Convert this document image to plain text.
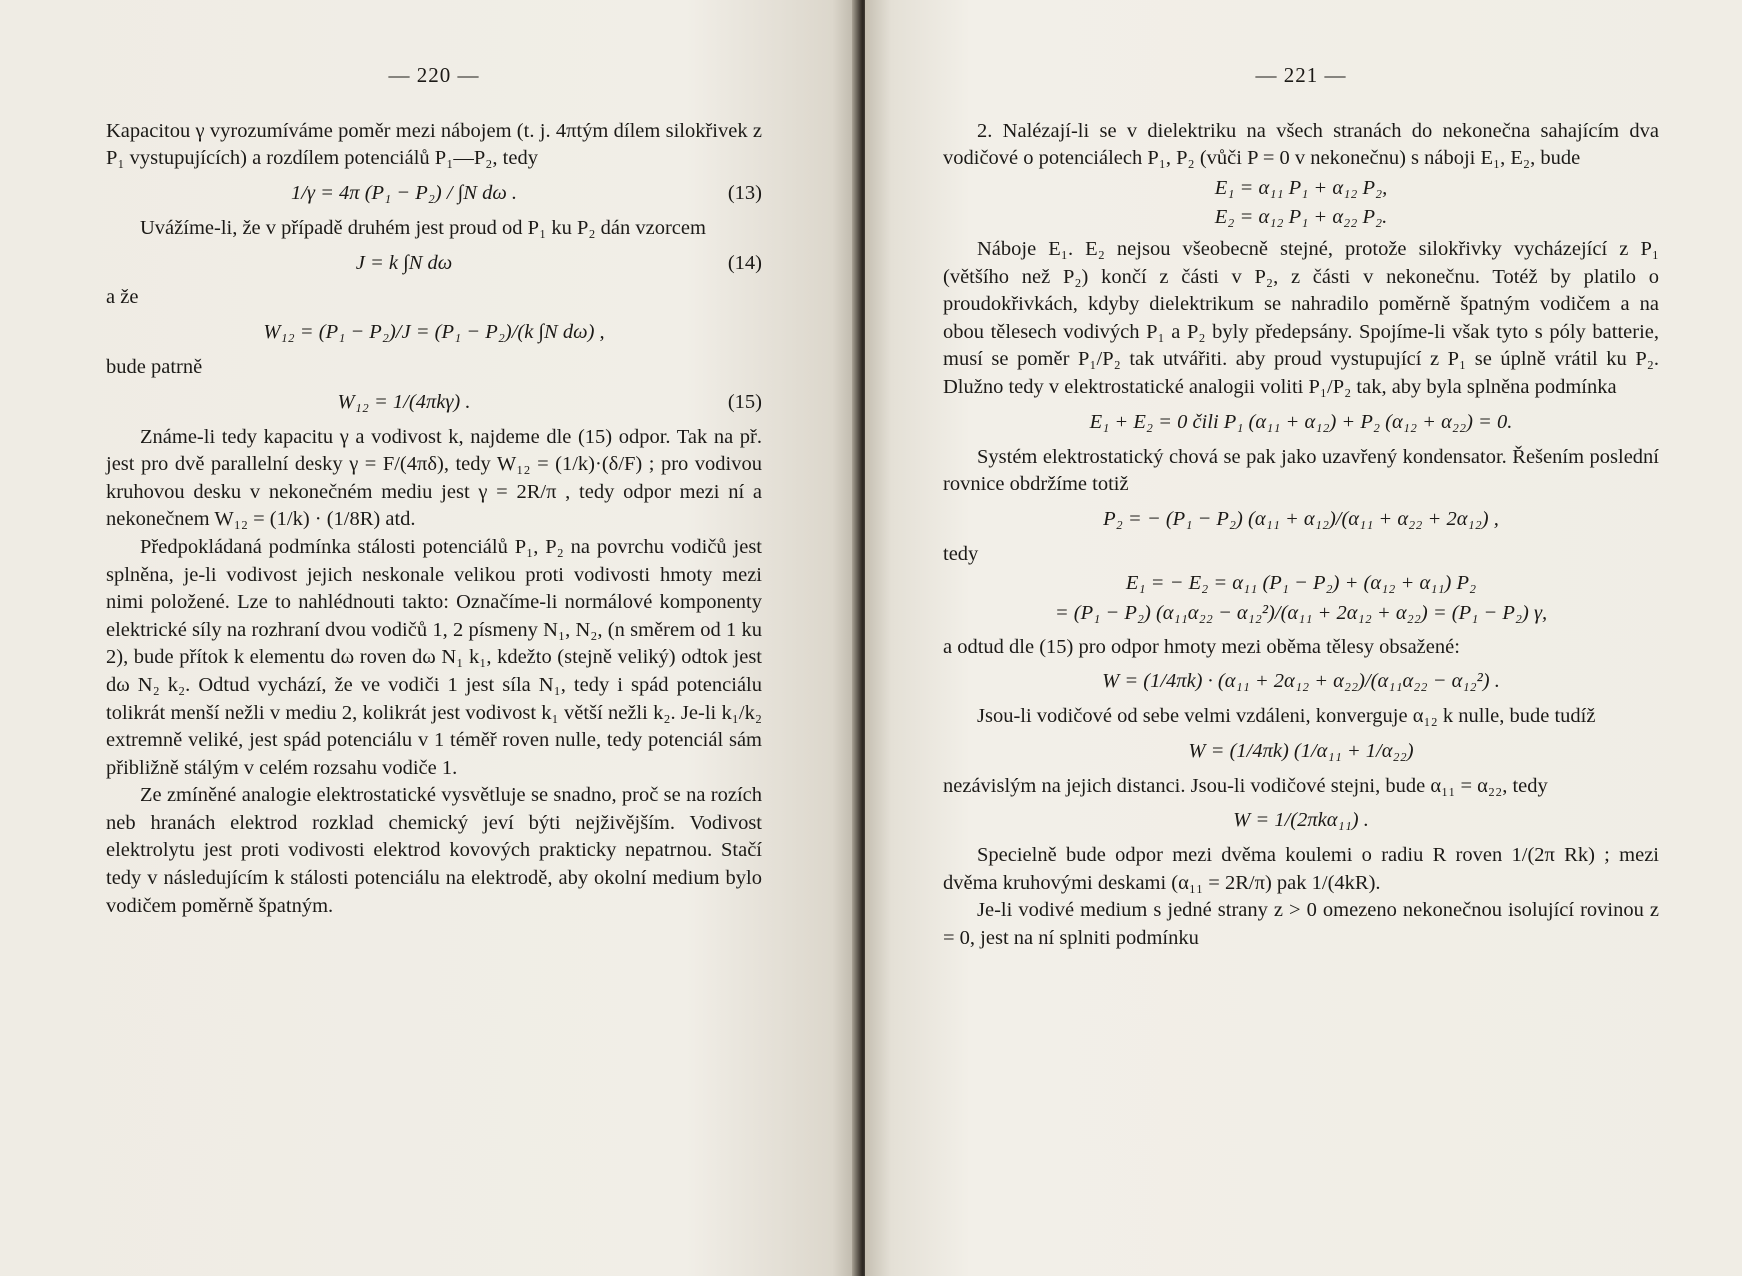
— 220 —

Kapacitou γ vyrozumíváme poměr mezi nábojem (t. j. 4πtým dílem silokřivek z P₁ vystupujících) a rozdílem potenciálů P₁—P₂, tedy

1/γ = 4π (P₁ − P₂) / ∫N dω .	(13)

Uvážíme-li, že v případě druhém jest proud od P₁ ku P₂ dán vzorcem

J = k ∫N dω	(14)

a že

W₁₂ = (P₁ − P₂)/J = (P₁ − P₂)/(k ∫N dω) ,

bude patrně

W₁₂ = 1/(4πkγ) .	(15)

Známe-li tedy kapacitu γ a vodivost k, najdeme dle (15) odpor. Tak na př. jest pro dvě parallelní desky γ = F/(4πδ), tedy W₁₂ = (1/k)·(δ/F) ; pro vodivou kruhovou desku v nekonečném mediu jest γ = 2R/π , tedy odpor mezi ní a nekonečnem W₁₂ = (1/k) · (1/8R) atd.

Předpokládaná podmínka stálosti potenciálů P₁, P₂ na povrchu vodičů jest splněna, je-li vodivost jejich neskonale velikou proti vodivosti hmoty mezi nimi položené. Lze to nahlédnouti takto: Označíme-li normálové komponenty elektrické síly na rozhraní dvou vodičů 1, 2 písmeny N₁, N₂, (n směrem od 1 ku 2), bude přítok k elementu dω roven dω N₁ k₁, kdežto (stejně veliký) odtok jest dω N₂ k₂. Odtud vychází, že ve vodiči 1 jest síla N₁, tedy i spád potenciálu tolikrát menší nežli v mediu 2, kolikrát jest vodivost k₁ větší nežli k₂. Je-li k₁/k₂ extremně veliké, jest spád potenciálu v 1 téměř roven nulle, tedy potenciál sám přibližně stálým v celém rozsahu vodiče 1.

Ze zmíněné analogie elektrostatické vysvětluje se snadno, proč se na rozích neb hranách elektrod rozklad chemický jeví býti nejživějším. Vodivost elektrolytu jest proti vodivosti elektrod kovových prakticky nepatrnou. Stačí tedy v následujícím k stálosti potenciálu na elektrodě, aby okolní medium bylo vodičem poměrně špatným.

— 221 —

2. Nalézají-li se v dielektriku na všech stranách do nekonečna sahajícím dva vodičové o potenciálech P₁, P₂ (vůči P = 0 v nekonečnu) s náboji E₁, E₂, bude

E₁ = α₁₁ P₁ + α₁₂ P₂,
E₂ = α₁₂ P₁ + α₂₂ P₂.

Náboje E₁. E₂ nejsou všeobecně stejné, protože silokřivky vycházející z P₁ (většího než P₂) končí z části v P₂, z části v nekonečnu. Totéž by platilo o proudokřivkách, kdyby dielektrikum se nahradilo poměrně špatným vodičem a na obou tělesech vodivých P₁ a P₂ byly předepsány. Spojíme-li však tyto s póly batterie, musí se poměr P₁/P₂ tak utvářiti. aby proud vystupující z P₁ se úplně vrátil ku P₂. Dlužno tedy v elektrostatické analogii voliti P₁/P₂ tak, aby byla splněna podmínka

E₁ + E₂ = 0 čili P₁ (α₁₁ + α₁₂) + P₂ (α₁₂ + α₂₂) = 0.

Systém elektrostatický chová se pak jako uzavřený kondensator. Řešením poslední rovnice obdržíme totiž

P₂ = − (P₁ − P₂) (α₁₁ + α₁₂)/(α₁₁ + α₂₂ + 2α₁₂) ,

tedy

E₁ = − E₂ = α₁₁ (P₁ − P₂) + (α₁₂ + α₁₁) P₂
= (P₁ − P₂) (α₁₁α₂₂ − α₁₂²)/(α₁₁ + 2α₁₂ + α₂₂) = (P₁ − P₂) γ,

a odtud dle (15) pro odpor hmoty mezi oběma tělesy obsažené:

W = (1/4πk) · (α₁₁ + 2α₁₂ + α₂₂)/(α₁₁α₂₂ − α₁₂²) .

Jsou-li vodičové od sebe velmi vzdáleni, konverguje α₁₂ k nulle, bude tudíž

W = (1/4πk) (1/α₁₁ + 1/α₂₂)

nezávislým na jejich distanci. Jsou-li vodičové stejni, bude α₁₁ = α₂₂, tedy

W = 1/(2πkα₁₁) .

Specielně bude odpor mezi dvěma koulemi o radiu R roven 1/(2π Rk) ; mezi dvěma kruhovými deskami (α₁₁ = 2R/π) pak 1/(4kR).

Je-li vodivé medium s jedné strany z > 0 omezeno nekonečnou isolující rovinou z = 0, jest na ní splniti podmínku
